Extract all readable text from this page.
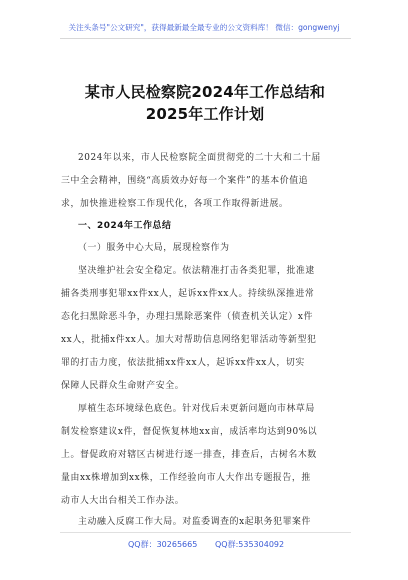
关注头条号"公文研究"，获得最新最全最专业的公文资料库！ 微信：gongwenyj
某市人民检察院2024年工作总结和
2025年工作计划
2024年以来，市人民检察院全面贯彻党的二十大和二十届
三中全会精神，围绕“高质效办好每一个案件”的基本价值追
求，加快推进检察工作现代化，各项工作取得新进展。
一、2024年工作总结
（一）服务中心大局，展现检察作为
坚决维护社会安全稳定。依法精准打击各类犯罪，批准逮
捕各类刑事犯罪xx件xx人，起诉xx件xx人。持续纵深推进常
态化扫黑除恶斗争，办理扫黑除恶案件（侦查机关认定）x件
xx人，批捕x件xx人。加大对帮助信息网络犯罪活动等新型犯
罪的打击力度，依法批捕xx件xx人，起诉xx件xx人，切实
保障人民群众生命财产安全。
厚植生态环境绿色底色。针对伐后未更新问题向市林草局
制发检察建议x件，督促恢复林地xx亩，成活率均达到90%以
上。督促政府对辖区古树进行逐一排查，排查后，古树名木数
量由xx株增加到xx株，工作经验向市人大作出专题报告，推
动市人大出台相关工作办法。
主动融入反腐工作大局。对监委调查的x起职务犯罪案件
QQ群：30265665 QQ群:535304092
